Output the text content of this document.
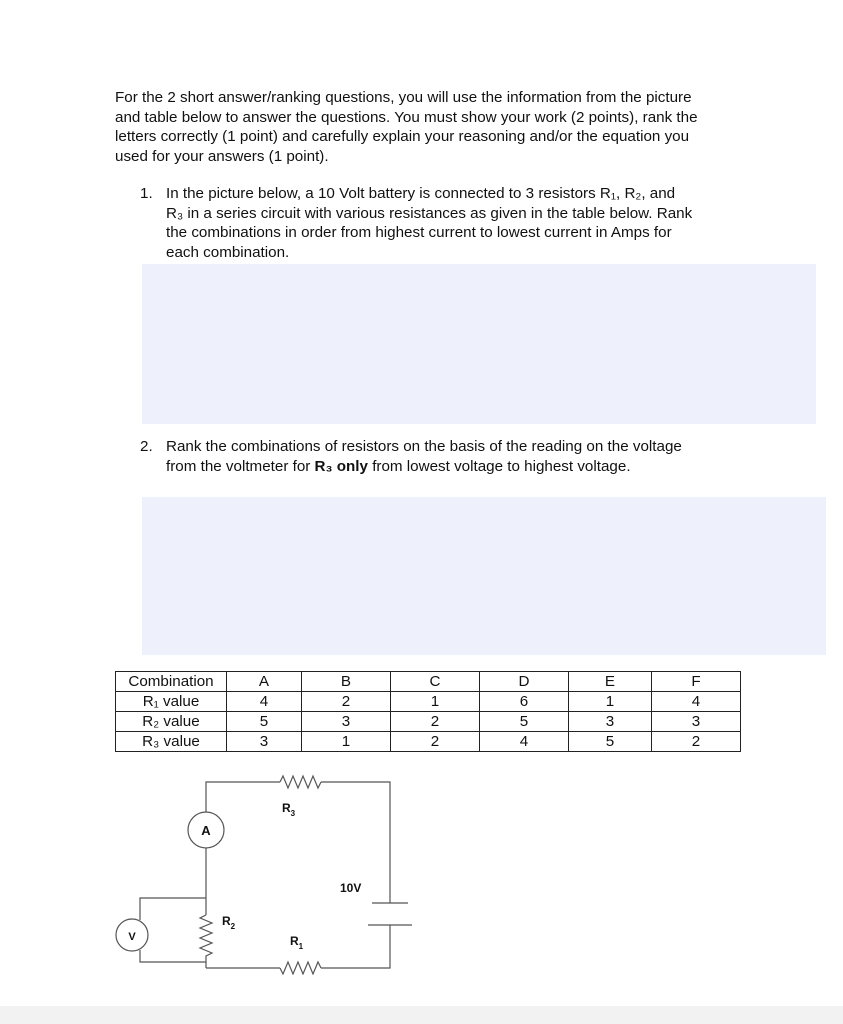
For the 2 short answer/ranking questions, you will use the information from the picture and table below to answer the questions. You must show your work (2 points), rank the letters correctly (1 point) and carefully explain your reasoning and/or the equation you used for your answers (1 point).

1. In the picture below, a 10 Volt battery is connected to 3 resistors R₁, R₂, and R₃ in a series circuit with various resistances as given in the table below. Rank the combinations in order from highest current to lowest current in Amps for each combination.
2. Rank the combinations of resistors on the basis of the reading on the voltage from the voltmeter for R₃ only from lowest voltage to highest voltage.
Combination	A	B	C	D	E	F
R₁ value	4	2	1	6	1	4
R₂ value	5	3	2	5	3	3
R₃ value	3	1	2	4	5	2
A
V
10V
$R_3$
$R_2$
$R_1$
